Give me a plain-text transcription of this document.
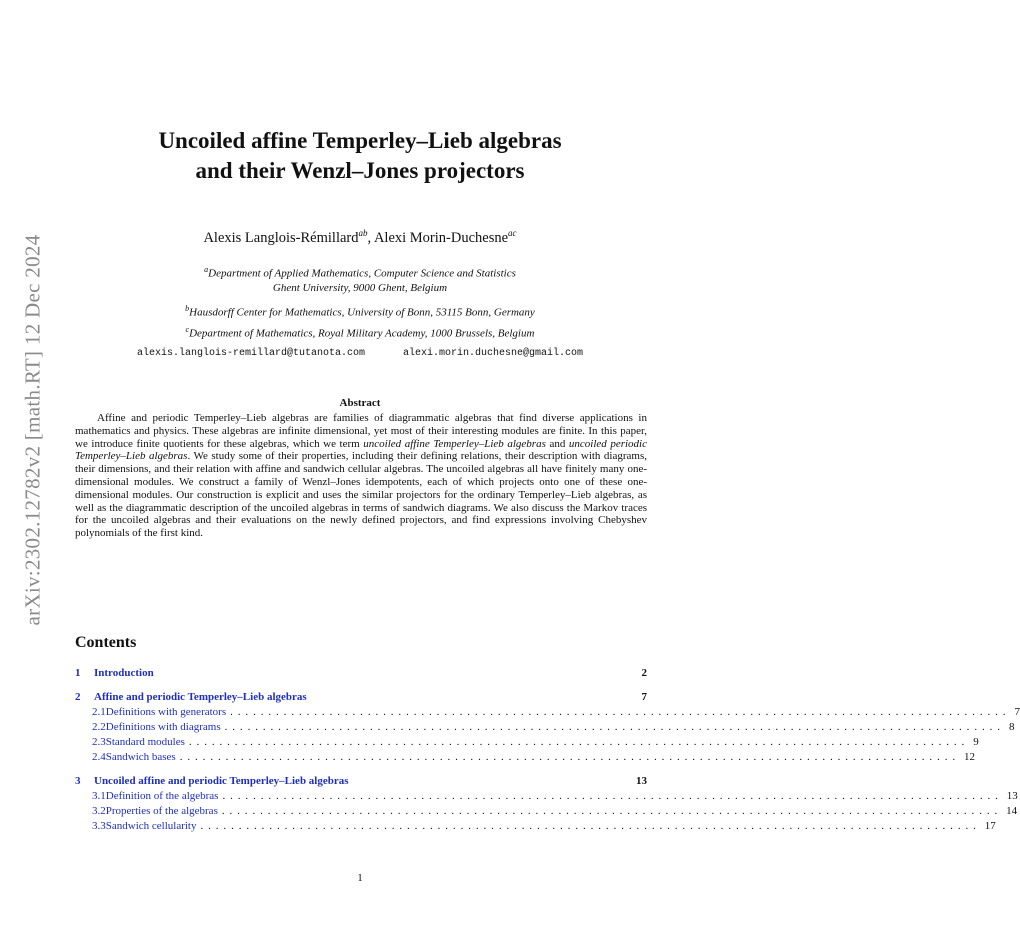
arXiv:2302.12782v2 [math.RT] 12 Dec 2024
Uncoiled affine Temperley–Lieb algebras
and their Wenzl–Jones projectors
Alexis Langlois-Rémillard$^{ab}$, Alexi Morin-Duchesne$^{ac}$
$^a$Department of Applied Mathematics, Computer Science and Statistics
Ghent University, 9000 Ghent, Belgium
$^b$Hausdorff Center for Mathematics, University of Bonn, 53115 Bonn, Germany
$^c$Department of Mathematics, Royal Military Academy, 1000 Brussels, Belgium
alexis.langlois-remillard@tutanota.com	alexi.morin.duchesne@gmail.com
Abstract

Affine and periodic Temperley–Lieb algebras are families of diagrammatic algebras that find diverse applications in mathematics and physics. These algebras are infinite dimensional, yet most of their interesting modules are finite. In this paper, we introduce finite quotients for these algebras, which we term uncoiled affine Temperley–Lieb algebras and uncoiled periodic Temperley–Lieb algebras. We study some of their properties, including their defining relations, their description with diagrams, their dimensions, and their relation with affine and sandwich cellular algebras. The uncoiled algebras all have finitely many one-dimensional modules. We construct a family of Wenzl–Jones idempotents, each of which projects onto one of these one-dimensional modules. Our construction is explicit and uses the similar projectors for the ordinary Temperley–Lieb algebras, as well as the diagrammatic description of the uncoiled algebras in terms of sandwich diagrams. We also discuss the Markov traces for the uncoiled algebras and their evaluations on the newly defined projectors, and find expressions involving Chebyshev polynomials of the first kind.

Contents
1	Introduction	2
2	Affine and periodic Temperley–Lieb algebras	7
2.1 Definitions with generators ...................................................................................................... 7
2.2 Definitions with diagrams ...................................................................................................... 8
2.3 Standard modules ...................................................................................................... 9
2.4 Sandwich bases ...................................................................................................... 12
3	Uncoiled affine and periodic Temperley–Lieb algebras	13
3.1 Definition of the algebras ...................................................................................................... 13
3.2 Properties of the algebras ...................................................................................................... 14
3.3 Sandwich cellularity ...................................................................................................... 17
1
